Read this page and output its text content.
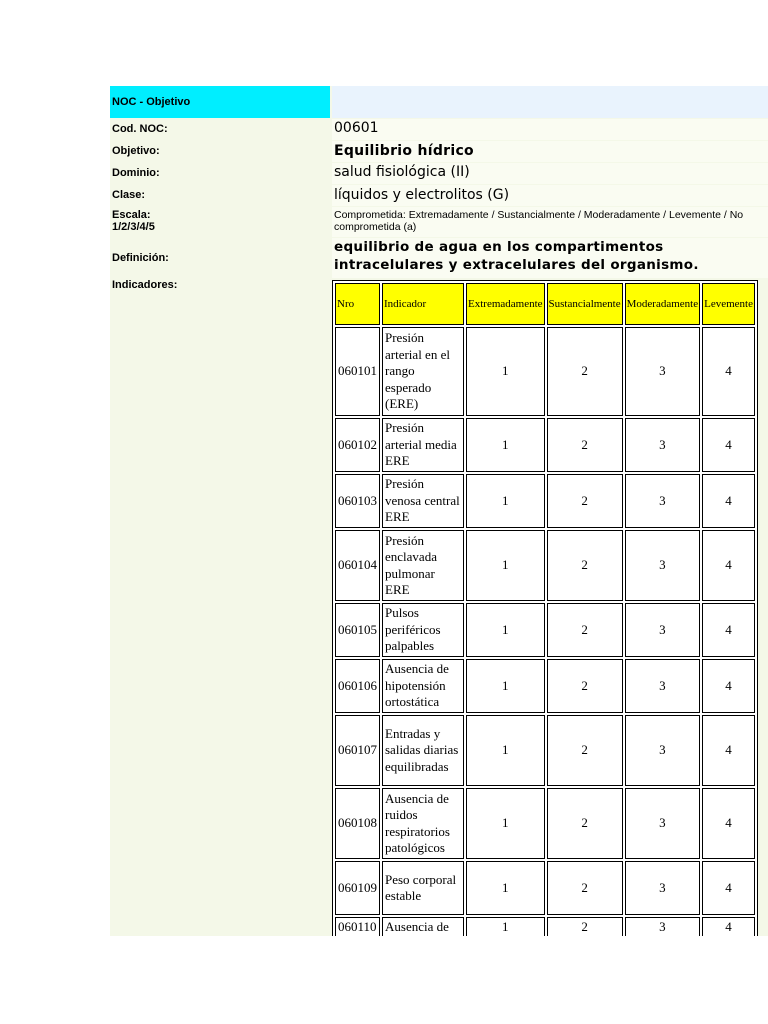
NOC - Objetivo
Cod. NOC:	00601
Objetivo:	Equilibrio hídrico
Dominio:	salud fisiológica (II)
Clase:	líquidos y electrolitos (G)
Escala:
1/2/3/4/5
Comprometida: Extremadamente / Sustancialmente / Moderadamente / Levemente / No comprometida (a)
Definición:
equilibrio de agua en los compartimentos intracelulares y extracelulares del organismo.
Indicadores:
Nro	Indicador	Extremadamente	Sustancialmente	Moderadamente	Levemente
060101	Presión arterial en el rango esperado (ERE)	1	2	3	4
060102	Presión arterial media ERE	1	2	3	4
060103	Presión venosa central ERE	1	2	3	4
060104	Presión enclavada pulmonar ERE	1	2	3	4
060105	Pulsos periféricos palpables	1	2	3	4
060106	Ausencia de hipotensión ortostática	1	2	3	4
060107	Entradas y salidas diarias equilibradas	1	2	3	4
060108	Ausencia de ruidos respiratorios patológicos	1	2	3	4
060109	Peso corporal estable	1	2	3	4
060110	Ausencia de	1	2	3	4
